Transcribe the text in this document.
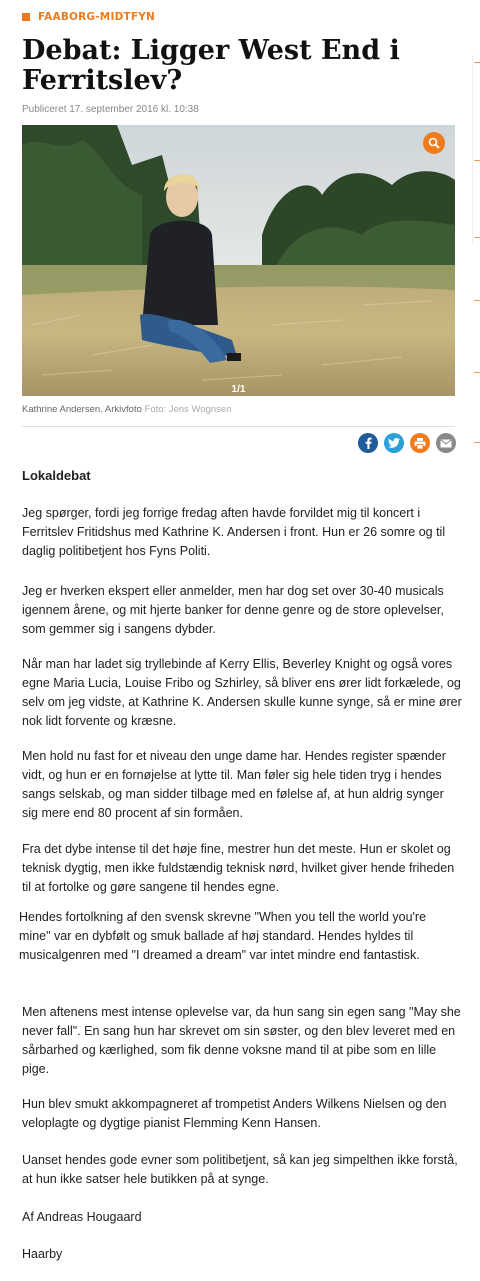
FAABORG-MIDTFYN
Debat: Ligger West End i Ferritslev?
Publiceret 17. september 2016 kl. 10:38
1/1
Kathrine Andersen. Arkivfoto Foto: Jens Wognsen

Lokaldebat

Jeg spørger, fordi jeg forrige fredag aften havde forvildet mig til koncert i Ferritslev Fritidshus med Kathrine K. Andersen i front. Hun er 26 somre og til daglig politibetjent hos Fyns Politi.

Jeg er hverken ekspert eller anmelder, men har dog set over 30-40 musicals igennem årene, og mit hjerte banker for denne genre og de store oplevelser, som gemmer sig i sangens dybder.

Når man har ladet sig tryllebinde af Kerry Ellis, Beverley Knight og også vores egne Maria Lucia, Louise Fribo og Szhirley, så bliver ens ører lidt forkælede, og selv om jeg vidste, at Kathrine K. Andersen skulle kunne synge, så er mine ører nok lidt forvente og kræsne.

Men hold nu fast for et niveau den unge dame har. Hendes register spænder vidt, og hun er en fornøjelse at lytte til. Man føler sig hele tiden tryg i hendes sangs selskab, og man sidder tilbage med en følelse af, at hun aldrig synger sig mere end 80 procent af sin formåen.

Fra det dybe intense til det høje fine, mestrer hun det meste. Hun er skolet og teknisk dygtig, men ikke fuldstændig teknisk nørd, hvilket giver hende friheden til at fortolke og gøre sangene til hendes egne.

Hendes fortolkning af den svensk skrevne "When you tell the world you're mine" var en dybfølt og smuk ballade af høj standard. Hendes hyldes til musicalgenren med "I dreamed a dream" var intet mindre end fantastisk.

Men aftenens mest intense oplevelse var, da hun sang sin egen sang "May she never fall". En sang hun har skrevet om sin søster, og den blev leveret med en sårbarhed og kærlighed, som fik denne voksne mand til at pibe som en lille pige.

Hun blev smukt akkompagneret af trompetist Anders Wilkens Nielsen og den veloplagte og dygtige pianist Flemming Kenn Hansen.

Uanset hendes gode evner som politibetjent, så kan jeg simpelthen ikke forstå, at hun ikke satser hele butikken på at synge.

Af Andreas Hougaard

Haarby
